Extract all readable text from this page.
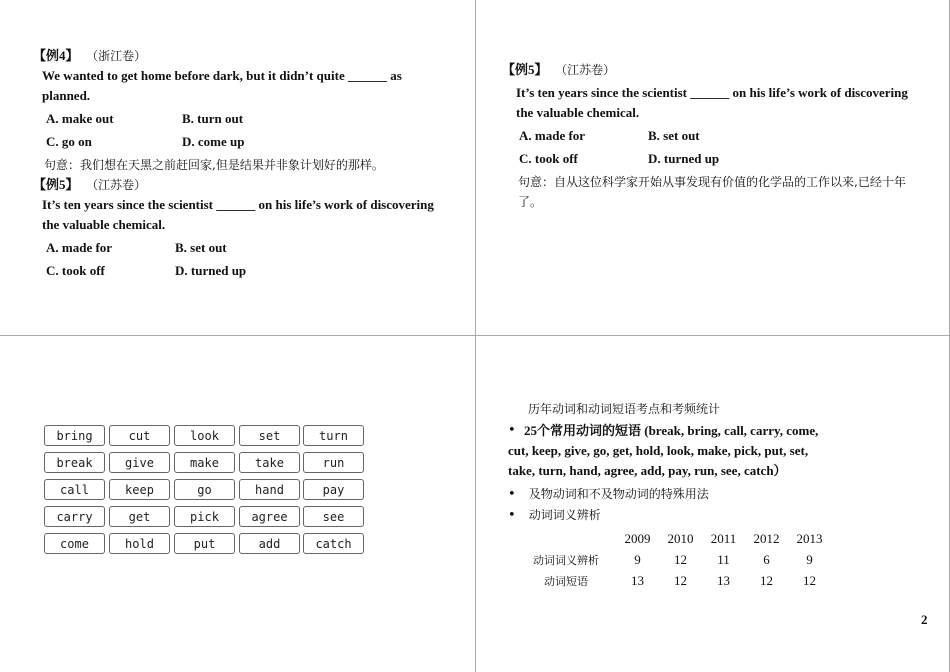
【例4】 （浙江卷）
We wanted to get home before dark, but it didn’t quite ______ as planned.
A. make out	B. turn out
C. go on	D. come up
句意：我们想在天黑之前赶回家,但是结果并非象计划好的那样。
【例5】 （江苏卷）
It’s ten years since the scientist ______ on his life’s work of discovering the valuable chemical.
A. made for	B. set out
C. took off	D. turned up
【例5】 （江苏卷）
It’s ten years since the scientist ______ on his life’s work of discovering the valuable chemical.
A. made for	B. set out
C. took off	D. turned up
句意：自从这位科学家开始从事发现有价值的化学品的工作以来,已经十年了。
bring	cut	look	set	turn
break	give	make	take	run
call	keep	go	hand	pay
carry	get	pick	agree	see
come	hold	put	add	catch
历年动词和动词短语考点和考频统计
• 25个常用动词的短语 (break, bring, call, carry, come, cut, keep, give, go, get, hold, look, make, pick, put, set, take, turn, hand, agree, add, pay, run, see, catch）
• 及物动词和不及物动词的特殊用法
• 动词词义辨析
	2009	2010	2011	2012	2013
动词词义辨析	9	12	11	6	9
动词短语	13	12	13	12	12
2
